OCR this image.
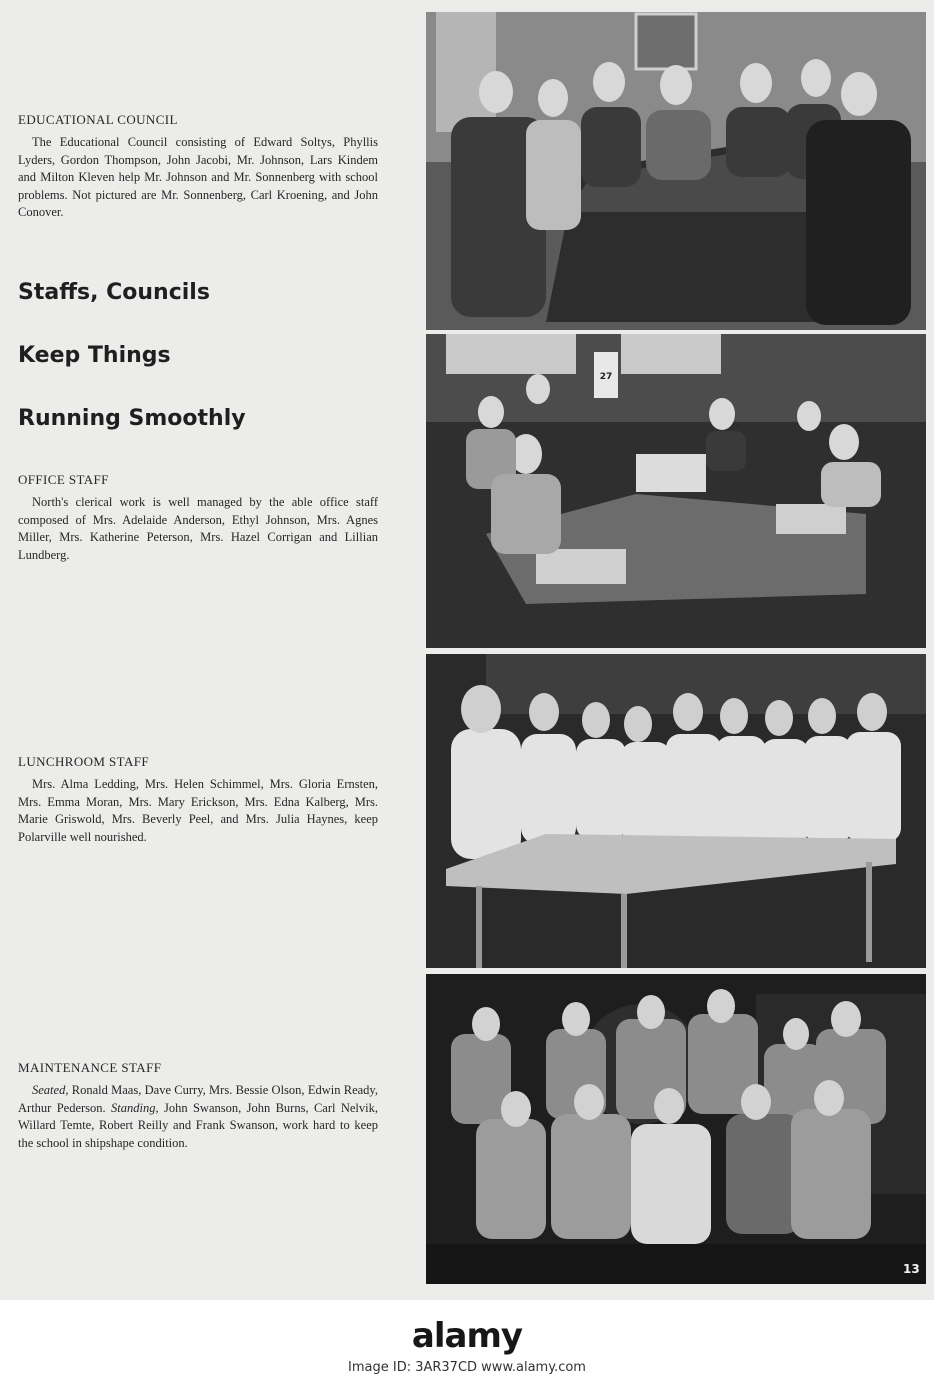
EDUCATIONAL COUNCIL

The Educational Council consisting of Edward Soltys, Phyllis Lyders, Gordon Thompson, John Jacobi, Mr. Johnson, Lars Kindem and Milton Kleven help Mr. Johnson and Mr. Sonnenberg with school problems. Not pictured are Mr. Sonnenberg, Carl Kroening, and John Conover.

Staffs, Councils

Keep Things

Running Smoothly

OFFICE STAFF

North's clerical work is well managed by the able office staff composed of Mrs. Adelaide Anderson, Ethyl Johnson, Mrs. Agnes Miller, Mrs. Katherine Peterson, Mrs. Hazel Corrigan and Lillian Lundberg.

LUNCHROOM STAFF

Mrs. Alma Ledding, Mrs. Helen Schimmel, Mrs. Gloria Ernsten, Mrs. Emma Moran, Mrs. Mary Erickson, Mrs. Edna Kalberg, Mrs. Marie Griswold, Mrs. Beverly Peel, and Mrs. Julia Haynes, keep Polarville well nourished.

MAINTENANCE STAFF

Seated, Ronald Maas, Dave Curry, Mrs. Bessie Olson, Edwin Ready, Arthur Pederson. Standing, John Swanson, John Burns, Carl Nelvik, Willard Temte, Robert Reilly and Frank Swanson, work hard to keep the school in shipshape condition.

27
13
alamy
Image ID: 3AR37CD www.alamy.com
